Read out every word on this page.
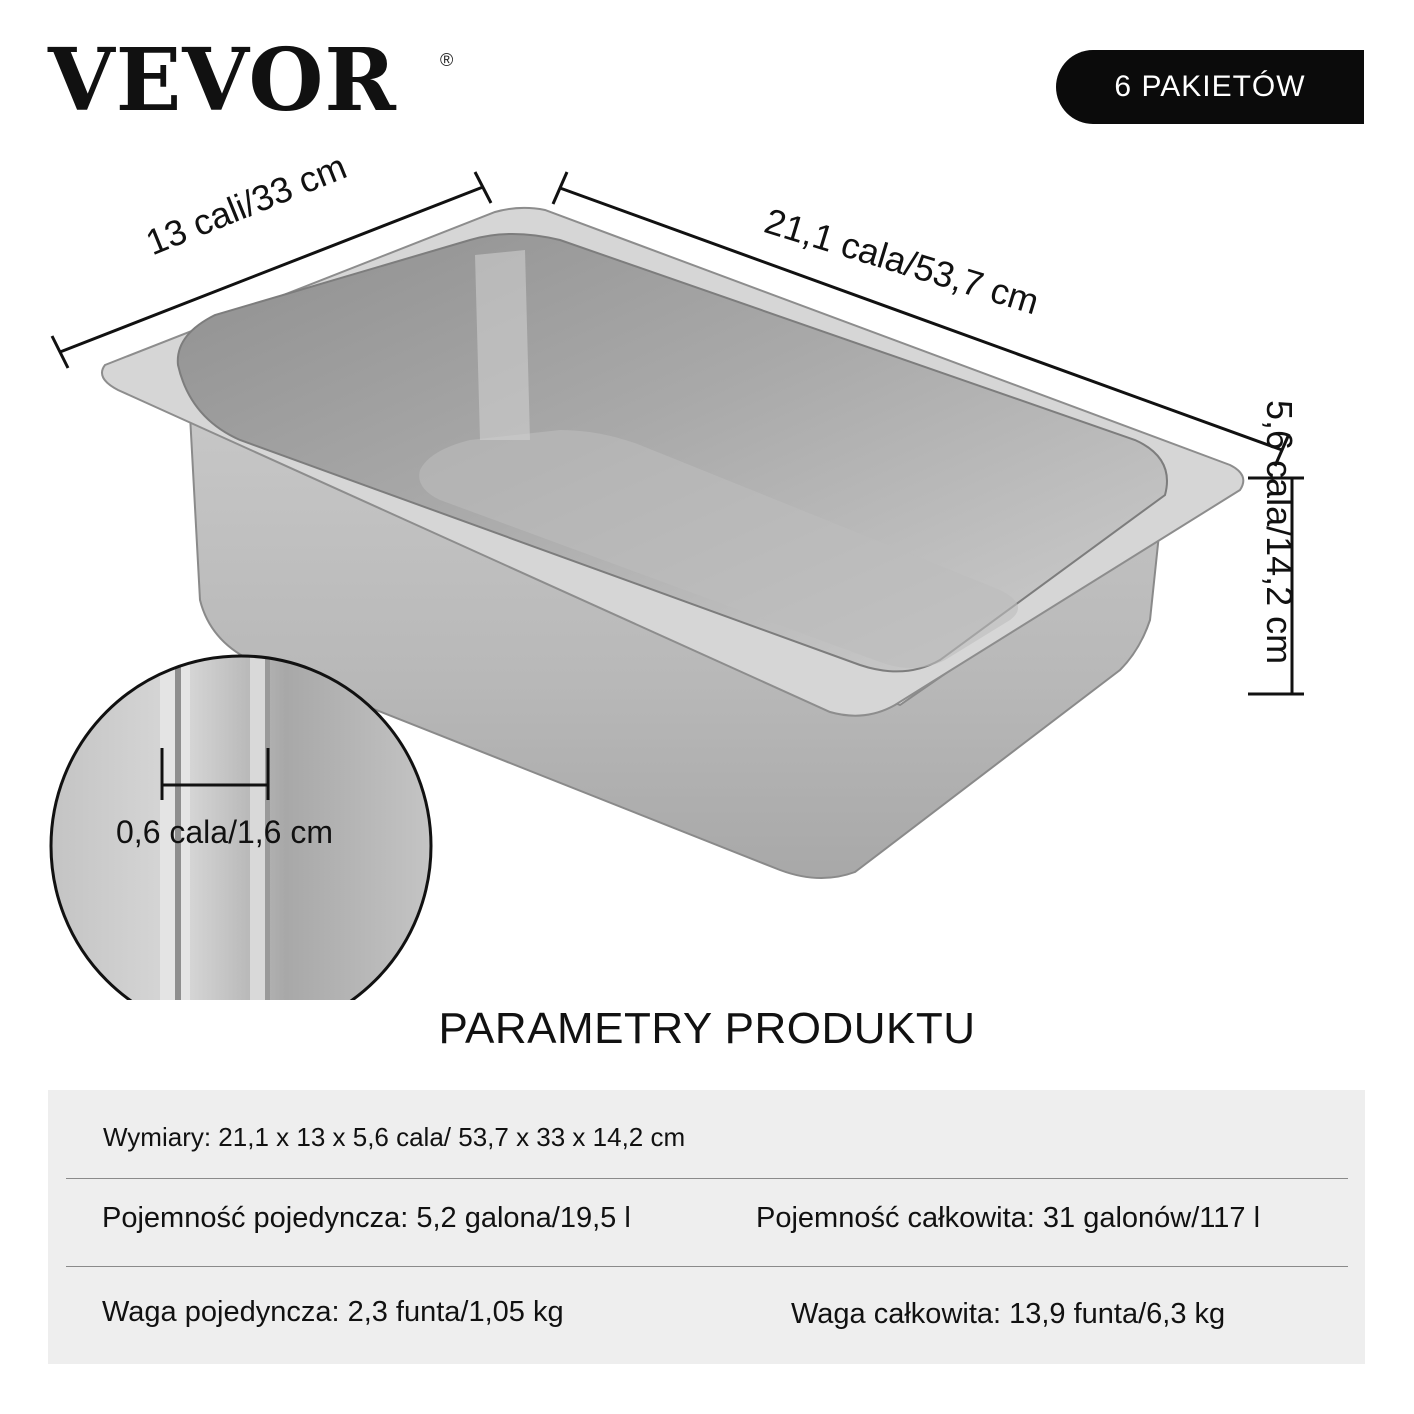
VEVOR ®
6 PAKIETÓW
13 cali/33 cm	21,1 cala/53,7 cm
5,6 cala/14,2 cm
0,6 cala/1,6 cm
PARAMETRY PRODUKTU
Wymiary: 21,1 x 13 x 5,6 cala/ 53,7 x 33 x 14,2 cm
Pojemność pojedyncza: 5,2 galona/19,5 l	Pojemność całkowita: 31 galonów/117 l
Waga pojedyncza: 2,3 funta/1,05 kg	Waga całkowita: 13,9 funta/6,3 kg
